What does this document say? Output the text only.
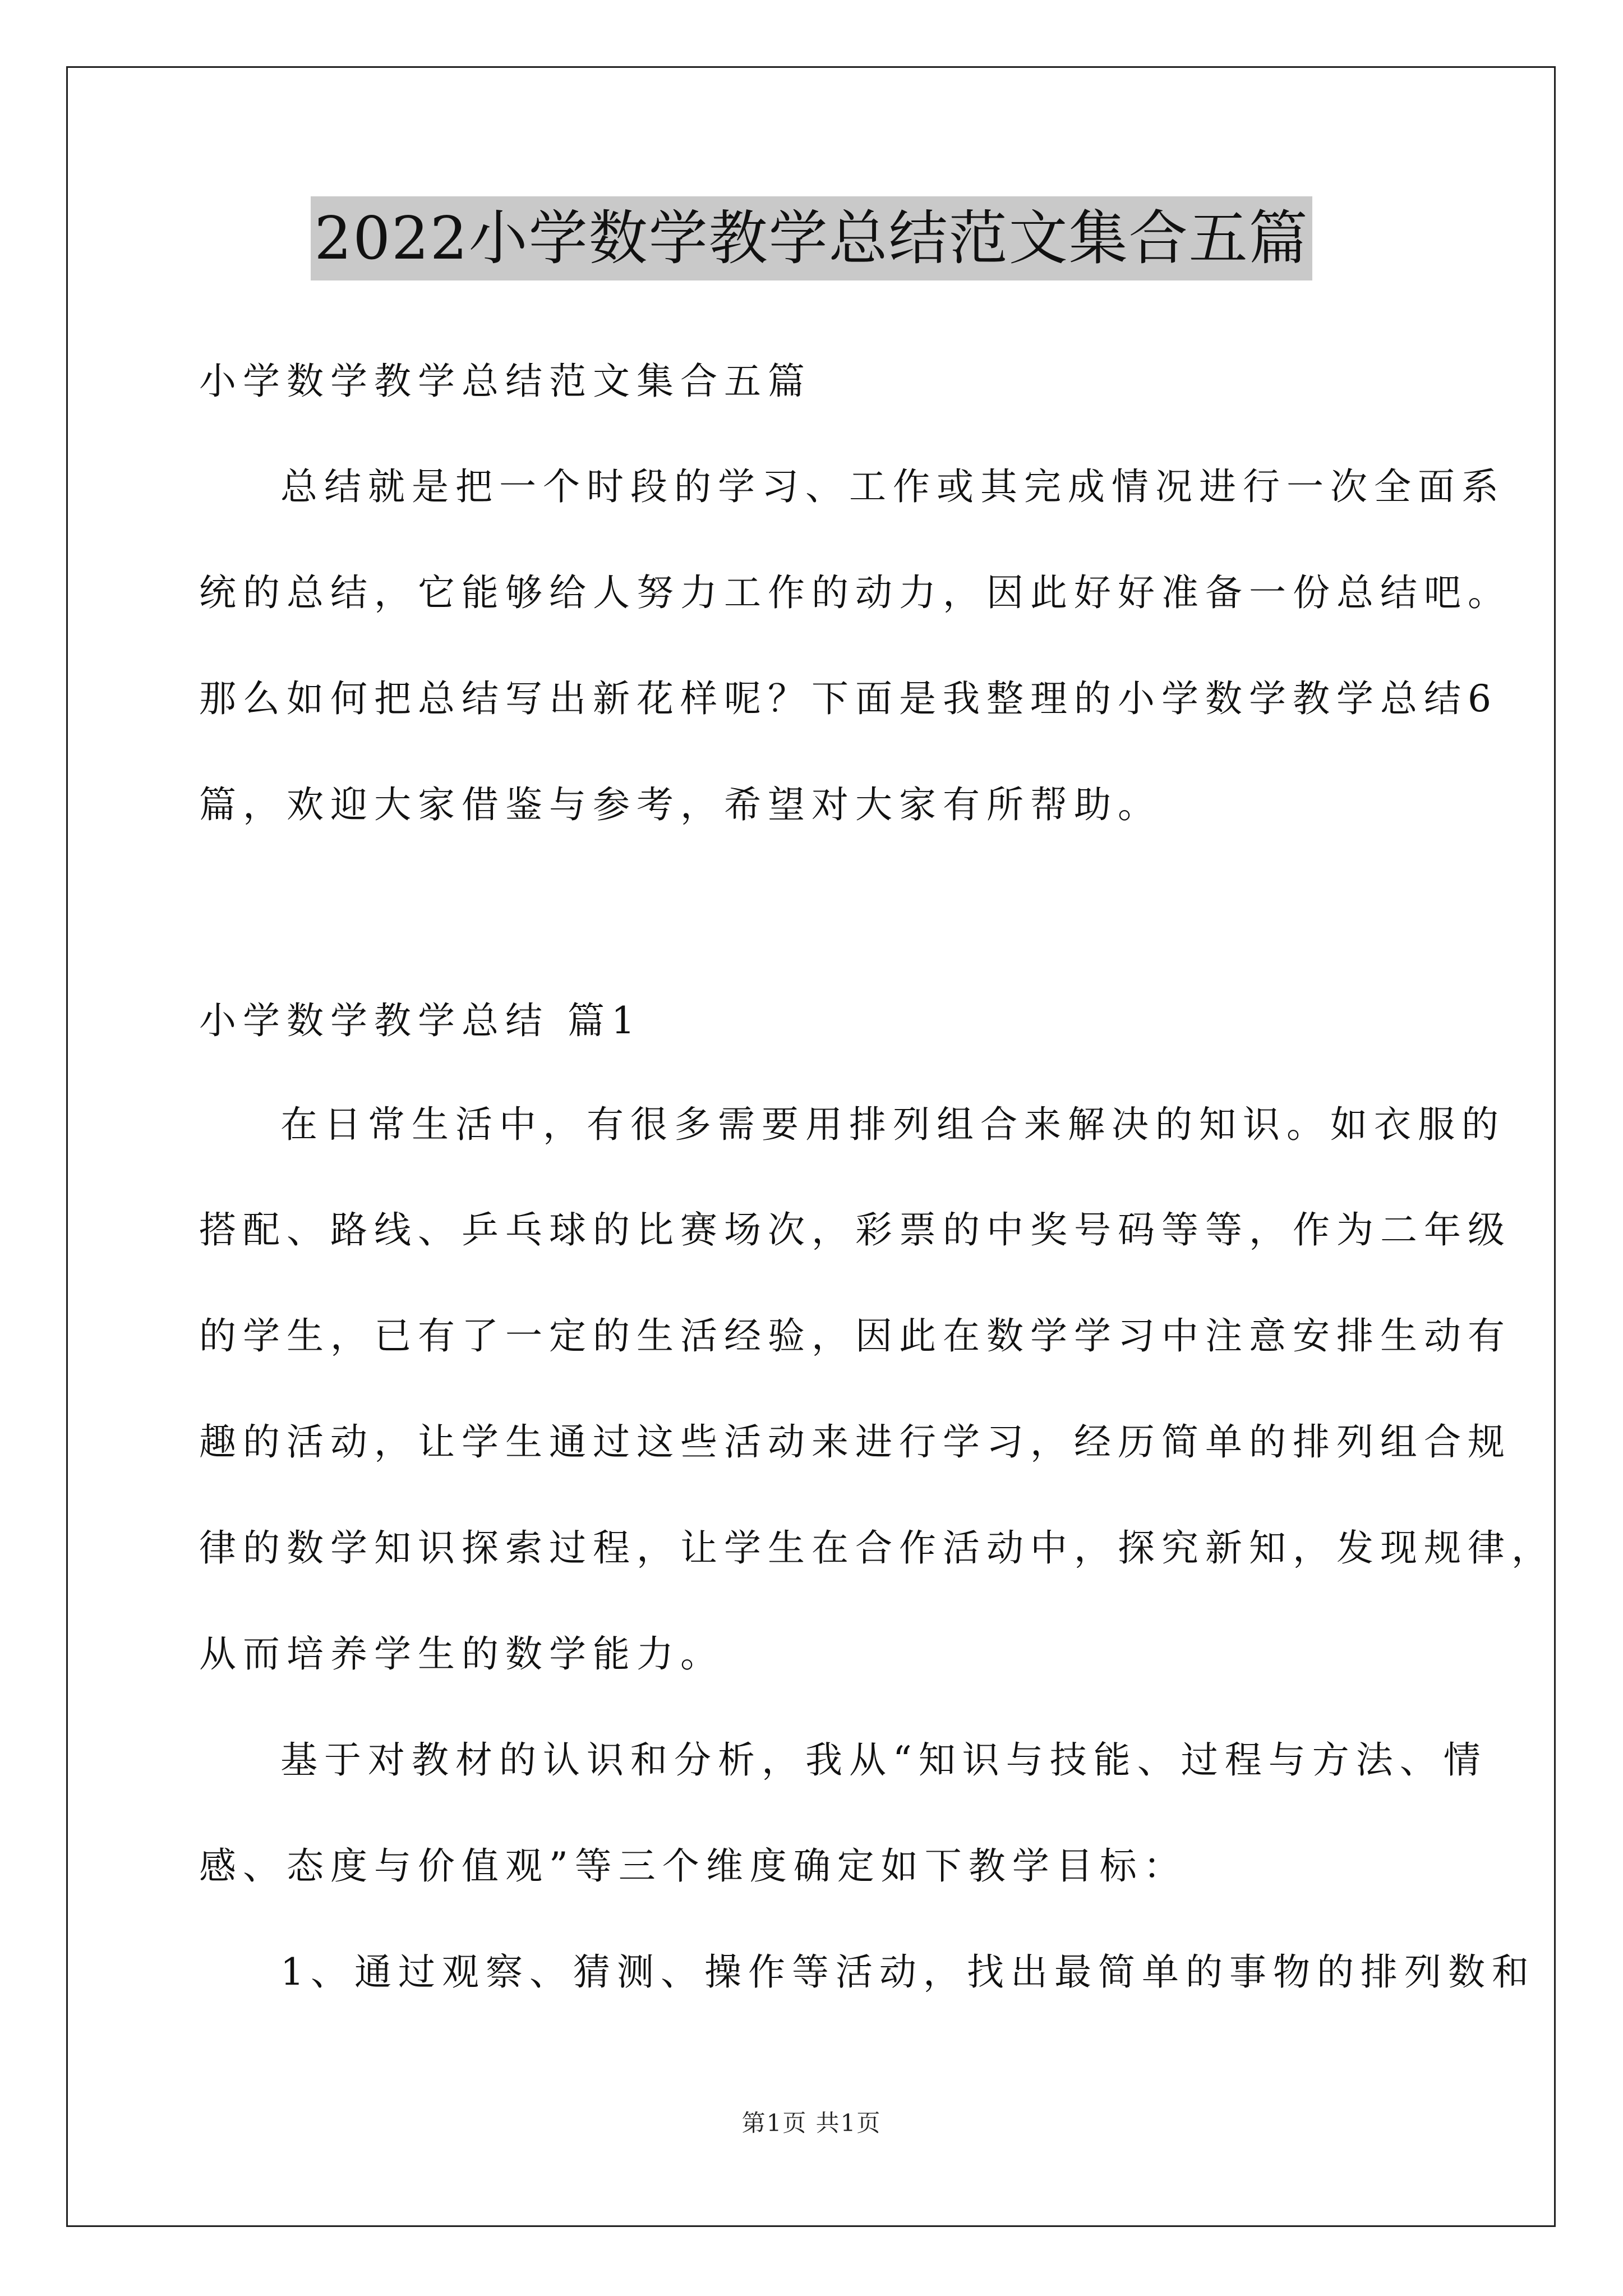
2022小学数学教学总结范文集合五篇
小学数学教学总结范文集合五篇
总结就是把一个时段的学习、工作或其完成情况进行一次全面系
统的总结，它能够给人努力工作的动力，因此好好准备一份总结吧。
那么如何把总结写出新花样呢？下面是我整理的小学数学教学总结6
篇，欢迎大家借鉴与参考，希望对大家有所帮助。
小学数学教学总结 篇1
在日常生活中，有很多需要用排列组合来解决的知识。如衣服的
搭配、路线、乒乓球的比赛场次，彩票的中奖号码等等，作为二年级
的学生，已有了一定的生活经验，因此在数学学习中注意安排生动有
趣的活动，让学生通过这些活动来进行学习，经历简单的排列组合规
律的数学知识探索过程，让学生在合作活动中，探究新知，发现规律，
从而培养学生的数学能力。
基于对教材的认识和分析，我从“知识与技能、过程与方法、情
感、态度与价值观”等三个维度确定如下教学目标：
1、通过观察、猜测、操作等活动，找出最简单的事物的排列数和
第1页 共1页
